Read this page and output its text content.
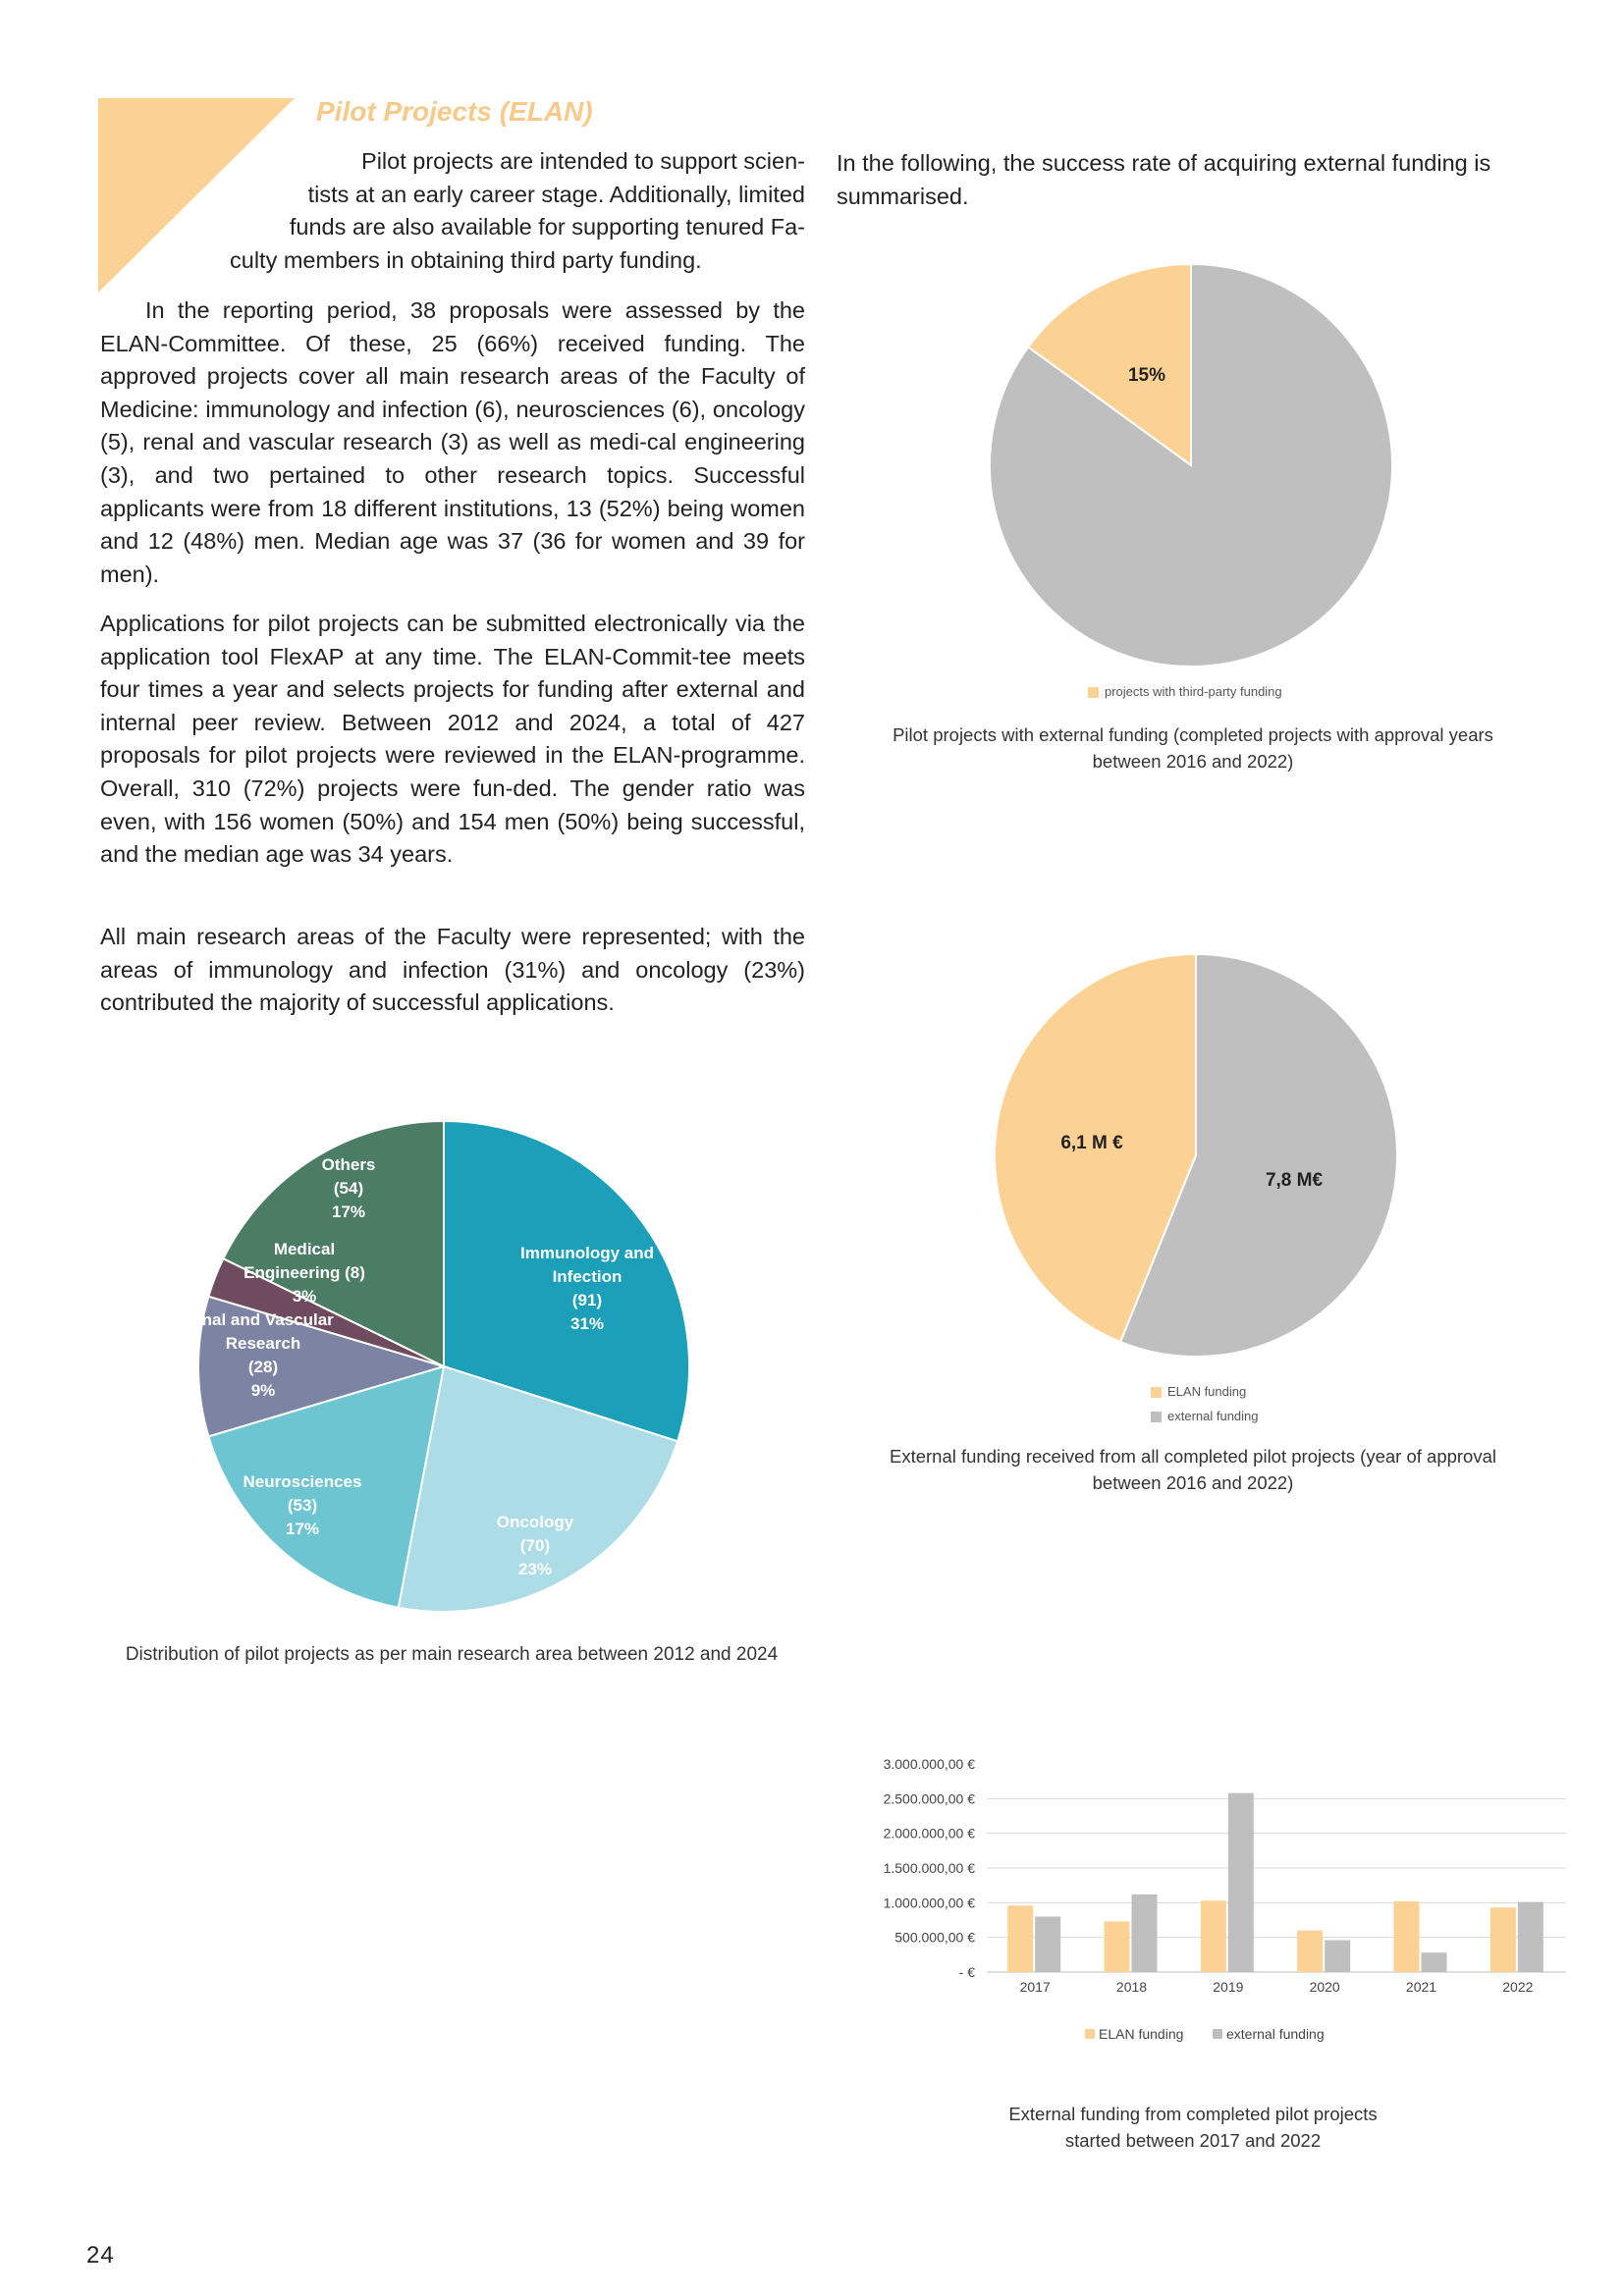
Pilot Projects (ELAN)
Pilot projects are intended to support scien-
tists at an early career stage. Additionally, limited
funds are also available for supporting tenured Fa-
culty members in obtaining third party funding.

In the reporting period, 38 proposals were assessed by the ELAN-Committee. Of these, 25 (66%) received funding. The approved projects cover all main research areas of the Faculty of Medicine: immunology and infection (6), neurosciences (6), oncology (5), renal and vascular research (3) as well as medi-cal engineering (3), and two pertained to other research topics. Successful applicants were from 18 different institutions, 13 (52%) being women and 12 (48%) men. Median age was 37 (36 for women and 39 for men).

Applications for pilot projects can be submitted electronically via the application tool FlexAP at any time. The ELAN-Commit-tee meets four times a year and selects projects for funding after external and internal peer review. Between 2012 and 2024, a total of 427 proposals for pilot projects were reviewed in the ELAN-programme. Overall, 310 (72%) projects were fun-ded. The gender ratio was even, with 156 women (50%) and 154 men (50%) being successful, and the median age was 34 years.

All main research areas of the Faculty were represented; with the areas of immunology and infection (31%) and oncology (23%) contributed the majority of successful applications.

In the following, the success rate of acquiring external funding is summarised.

Immunology and Infection (91) 31%
Oncology (70) 23%
Neurosciences (53) 17%
enal and Vascular Research (28) 9%
Medical Engineering (8) 3%
Others (54) 17%
Distribution of pilot projects as per main research area between 2012 and 2024
15%
projects with third-party funding
Pilot projects with external funding (completed projects with approval years
between 2016 and 2022)
6,1 M €
7,8 M€
ELAN funding
external funding
External funding received from all completed pilot projects (year of approval
between 2016 and 2022)
3.000.000,00 €
2.500.000,00 €
2.000.000,00 €
1.500.000,00 €
1.000.000,00 €
500.000,00 €
- €
2017	2018	2019	2020	2021	2022
ELAN funding	external funding
External funding from completed pilot projects
started between 2017 and 2022
24
